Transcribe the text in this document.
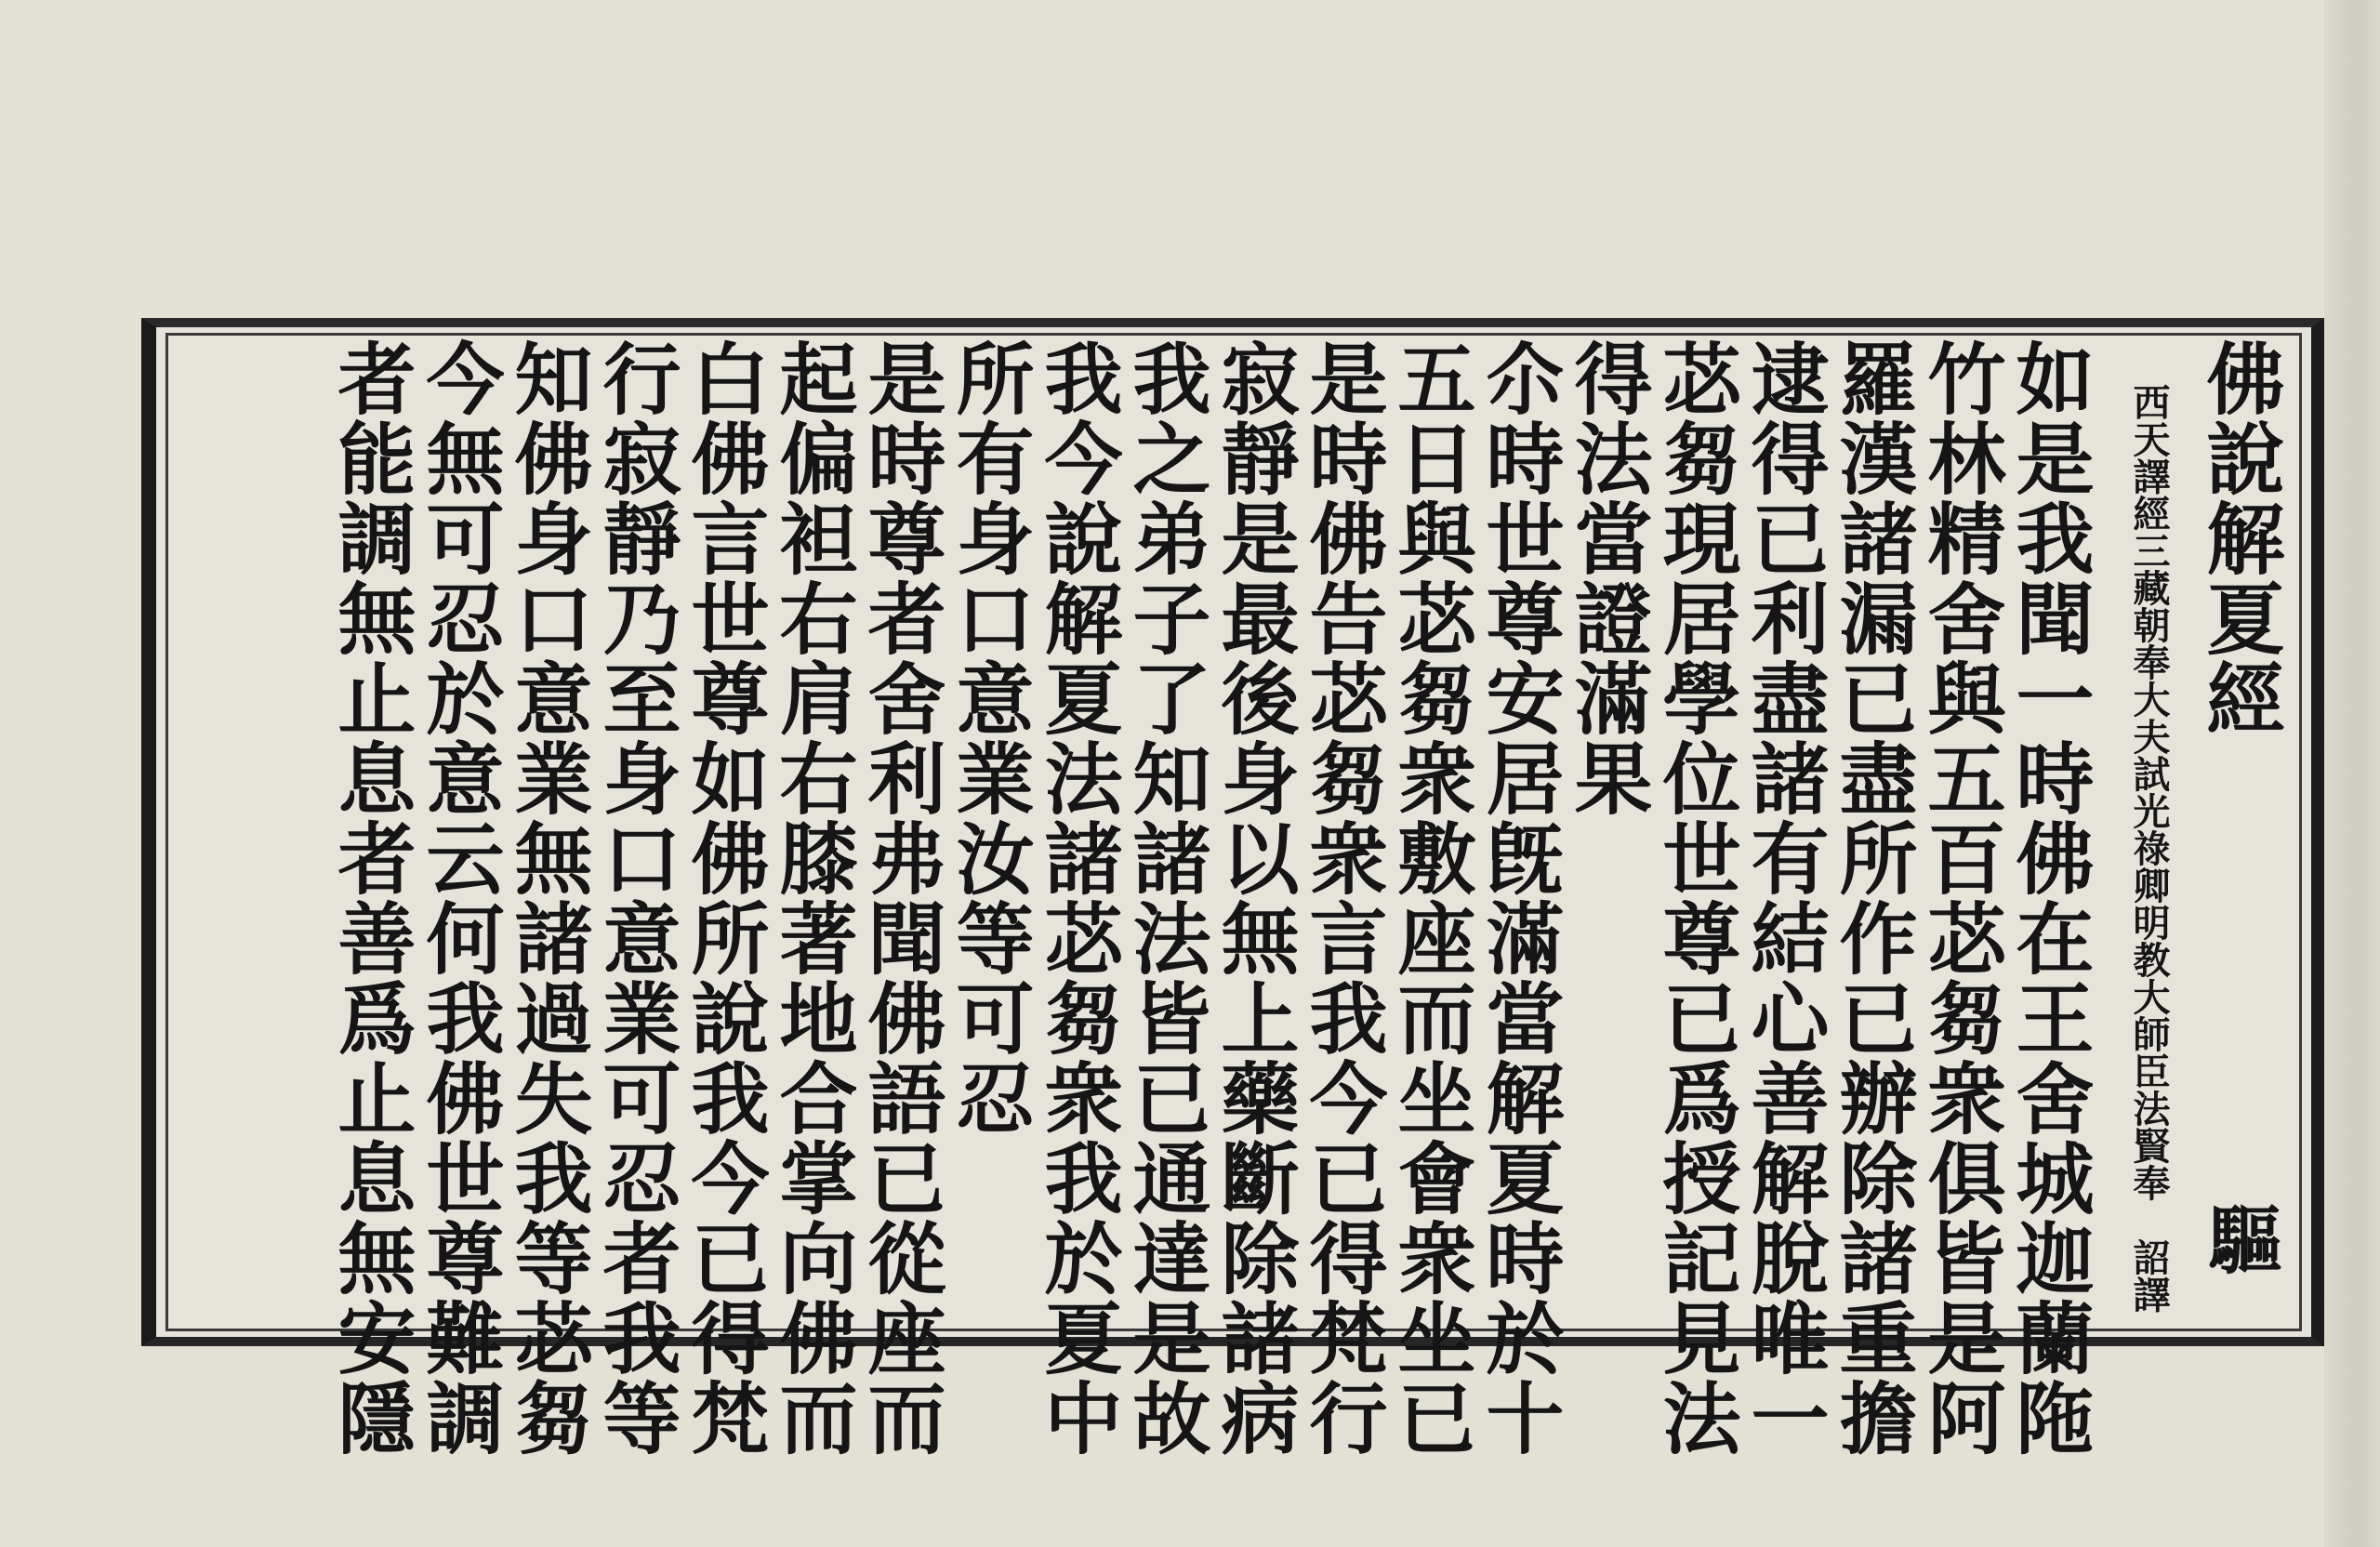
佛說解夏經
西天譯經三藏朝奉大夫試光祿卿明教大師臣法賢奉　詔譯 驅
如是我聞一時佛在王舍城迦蘭陁
竹林精舍與五百苾芻衆俱皆是阿
羅漢諸漏已盡所作已辦除諸重擔
逮得已利盡諸有結心善解脫唯一
苾芻現居學位世尊已爲授記見法
得法當證滿果
尒時世尊安居旣滿當解夏時於十
五日與苾芻衆敷座而坐會衆坐已
是時佛告苾芻衆言我今已得梵行
寂靜是最後身以無上藥斷除諸病
我之弟子了知諸法皆已通達是故
我今說解夏法諸苾芻衆我於夏中
所有身口意業汝等可忍
是時尊者舍利弗聞佛語已從座而
起偏袒右肩右膝著地合掌向佛而
白佛言世尊如佛所說我今已得梵
行寂靜乃至身口意業可忍者我等
知佛身口意業無諸過失我等苾芻
今無可忍於意云何我佛世尊難調
者能調無止息者善爲止息無安隱
